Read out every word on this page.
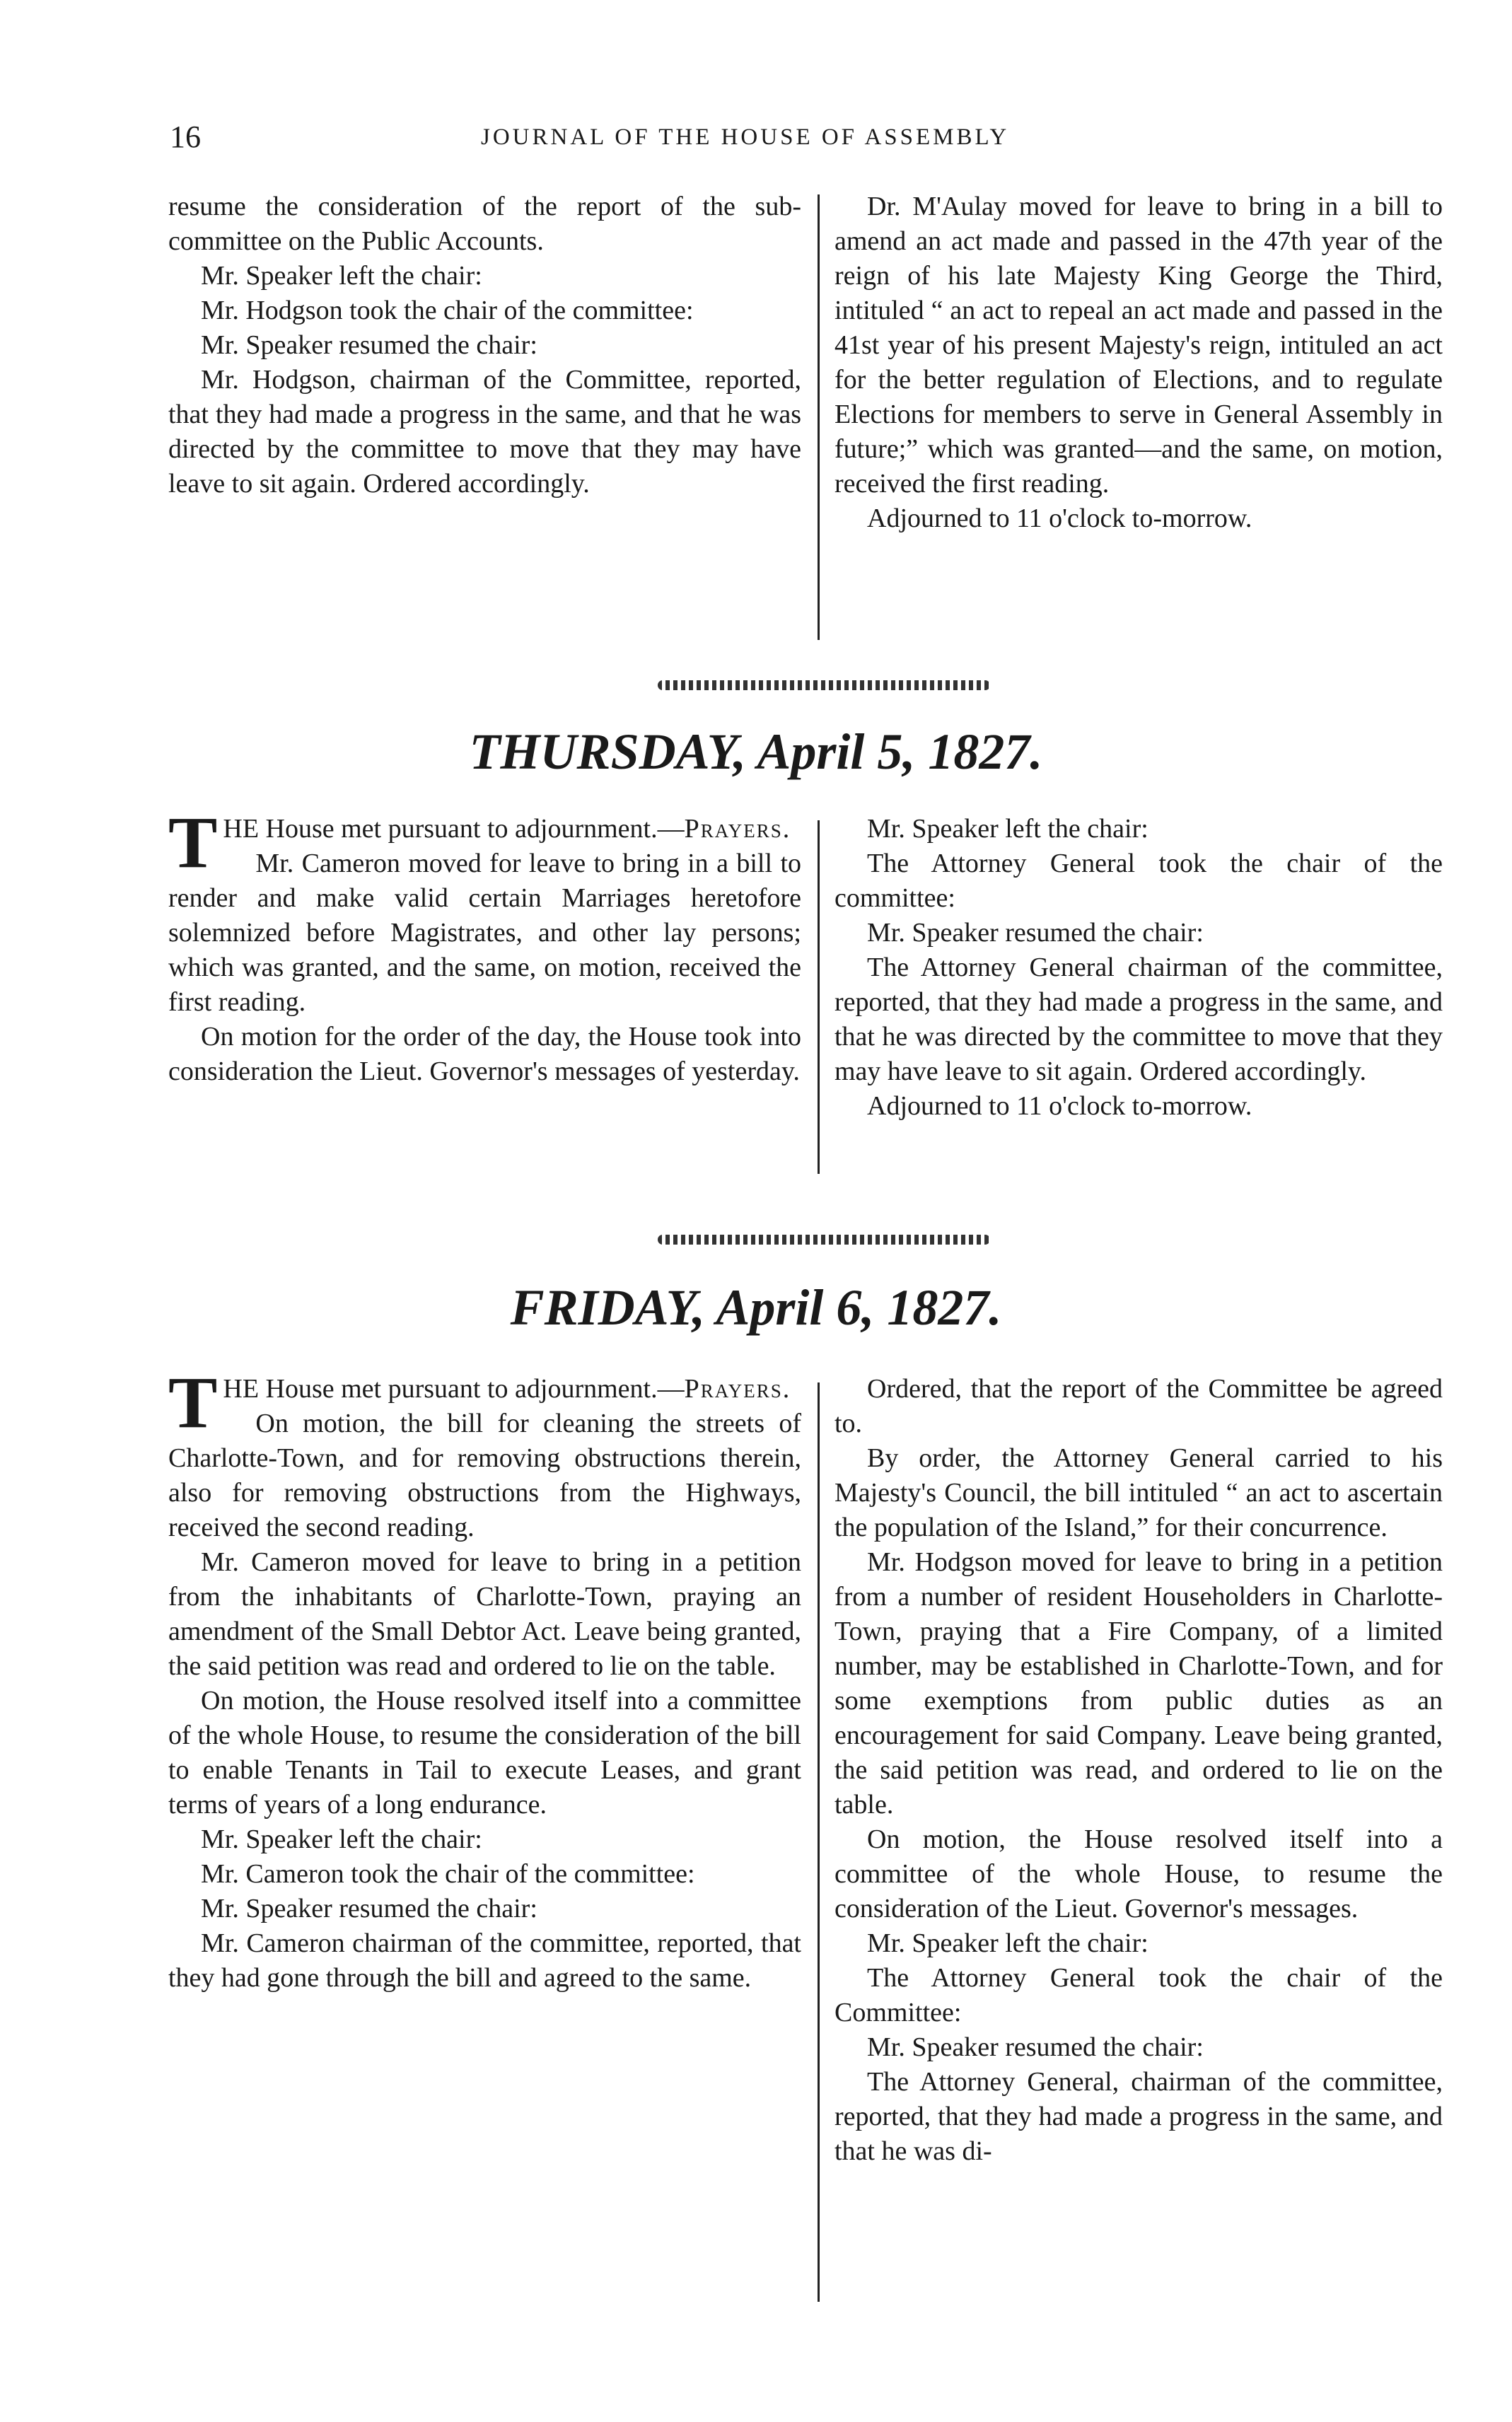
16	JOURNAL OF THE HOUSE OF ASSEMBLY

resume the consideration of the report of the sub-committee on the Public Accounts.

Mr. Speaker left the chair:

Mr. Hodgson took the chair of the committee:

Mr. Speaker resumed the chair:

Mr. Hodgson, chairman of the Committee, reported, that they had made a progress in the same, and that he was directed by the committee to move that they may have leave to sit again. Ordered accordingly.

Dr. M'Aulay moved for leave to bring in a bill to amend an act made and passed in the 47th year of the reign of his late Majesty King George the Third, intituled “ an act to repeal an act made and passed in the 41st year of his present Majesty's reign, intituled an act for the better regulation of Elections, and to regulate Elections for members to serve in General Assembly in future;” which was granted—and the same, on motion, received the first reading.

Adjourned to 11 o'clock to-morrow.

THURSDAY, April 5, 1827.

THE House met pursuant to adjournment.—Prayers.

Mr. Cameron moved for leave to bring in a bill to render and make valid certain Marriages heretofore solemnized before Magistrates, and other lay persons; which was granted, and the same, on motion, received the first reading.

On motion for the order of the day, the House took into consideration the Lieut. Governor's messages of yesterday.

Mr. Speaker left the chair:

The Attorney General took the chair of the committee:

Mr. Speaker resumed the chair:

The Attorney General chairman of the committee, reported, that they had made a progress in the same, and that he was directed by the committee to move that they may have leave to sit again. Ordered accordingly.

Adjourned to 11 o'clock to-morrow.

FRIDAY, April 6, 1827.

THE House met pursuant to adjournment.—Prayers.

On motion, the bill for cleaning the streets of Charlotte-Town, and for removing obstructions therein, also for removing obstructions from the Highways, received the second reading.

Mr. Cameron moved for leave to bring in a petition from the inhabitants of Charlotte-Town, praying an amendment of the Small Debtor Act. Leave being granted, the said petition was read and ordered to lie on the table.

On motion, the House resolved itself into a committee of the whole House, to resume the consideration of the bill to enable Tenants in Tail to execute Leases, and grant terms of years of a long endurance.

Mr. Speaker left the chair:

Mr. Cameron took the chair of the committee:

Mr. Speaker resumed the chair:

Mr. Cameron chairman of the committee, reported, that they had gone through the bill and agreed to the same.

Ordered, that the report of the Committee be agreed to.

By order, the Attorney General carried to his Majesty's Council, the bill intituled “ an act to ascertain the population of the Island,” for their concurrence.

Mr. Hodgson moved for leave to bring in a petition from a number of resident Householders in Charlotte-Town, praying that a Fire Company, of a limited number, may be established in Charlotte-Town, and for some exemptions from public duties as an encouragement for said Company. Leave being granted, the said petition was read, and ordered to lie on the table.

On motion, the House resolved itself into a committee of the whole House, to resume the consideration of the Lieut. Governor's messages.

Mr. Speaker left the chair:

The Attorney General took the chair of the Committee:

Mr. Speaker resumed the chair:

The Attorney General, chairman of the committee, reported, that they had made a progress in the same, and that he was di-
